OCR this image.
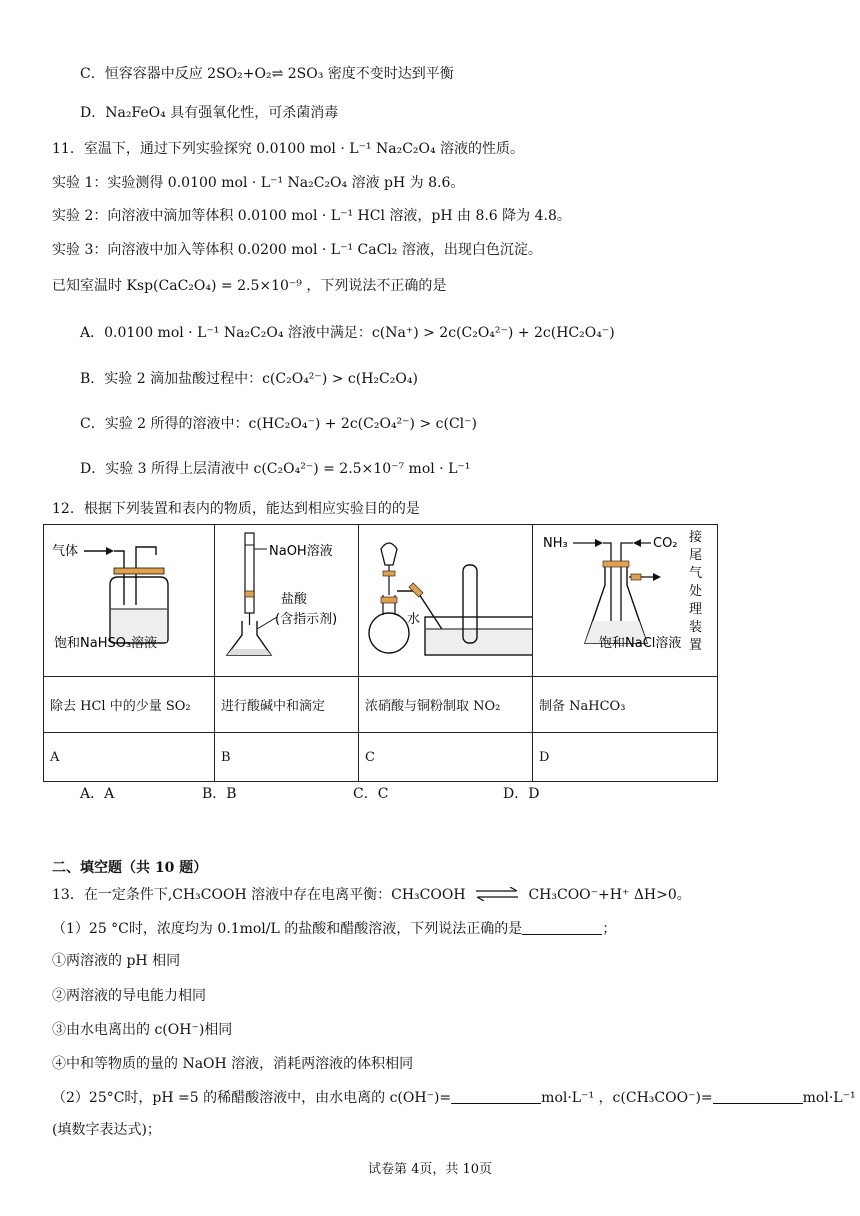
C．恒容容器中反应 2SO₂+O₂⇌ 2SO₃ 密度不变时达到平衡
D．Na₂FeO₄ 具有强氧化性，可杀菌消毒
11．室温下，通过下列实验探究 0.0100 mol · L⁻¹ Na₂C₂O₄ 溶液的性质。
实验 1：实验测得 0.0100 mol · L⁻¹ Na₂C₂O₄ 溶液 pH 为 8.6。
实验 2：向溶液中滴加等体积 0.0100 mol · L⁻¹ HCl 溶液，pH 由 8.6 降为 4.8。
实验 3：向溶液中加入等体积 0.0200 mol · L⁻¹ CaCl₂ 溶液，出现白色沉淀。
已知室温时 Ksp(CaC₂O₄) = 2.5×10⁻⁹ ，下列说法不正确的是
A．0.0100 mol · L⁻¹ Na₂C₂O₄ 溶液中满足：c(Na⁺) > 2c(C₂O₄²⁻) + 2c(HC₂O₄⁻)
B．实验 2 滴加盐酸过程中：c(C₂O₄²⁻) > c(H₂C₂O₄)
C．实验 2 所得的溶液中：c(HC₂O₄⁻) + 2c(C₂O₄²⁻) > c(Cl⁻)
D．实验 3 所得上层清液中 c(C₂O₄²⁻) = 2.5×10⁻⁷ mol · L⁻¹
12．根据下列装置和表内的物质，能达到相应实验目的的是
气体
饱和NaHSO₃溶液	NaOH溶液
盐酸
(含指示剂)	水	NH₃ CO₂
饱和NaCl溶液
接尾气处理装置

除去 HCl 中的少量 SO₂	进行酸碱中和滴定	浓硝酸与铜粉制取 NO₂	制备 NaHCO₃
A	B	C	D
A．A	B．B	C．C	D．D
二、填空题（共 10 题）
13．在一定条件下,CH₃COOH 溶液中存在电离平衡：CH₃COOH ⇌ CH₃COO⁻+H⁺ ΔH>0。
（1）25 °C时，浓度均为 0.1mol/L 的盐酸和醋酸溶液，下列说法正确的是	；
①两溶液的 pH 相同
②两溶液的导电能力相同
③由水电离出的 c(OH⁻)相同
④中和等物质的量的 NaOH 溶液，消耗两溶液的体积相同
（2）25°C时，pH =5 的稀醋酸溶液中，由水电离的 c(OH⁻)=	mol·L⁻¹ ，c(CH₃COO⁻)=	mol·L⁻¹
(填数字表达式)；
试卷第 4页，共 10页
